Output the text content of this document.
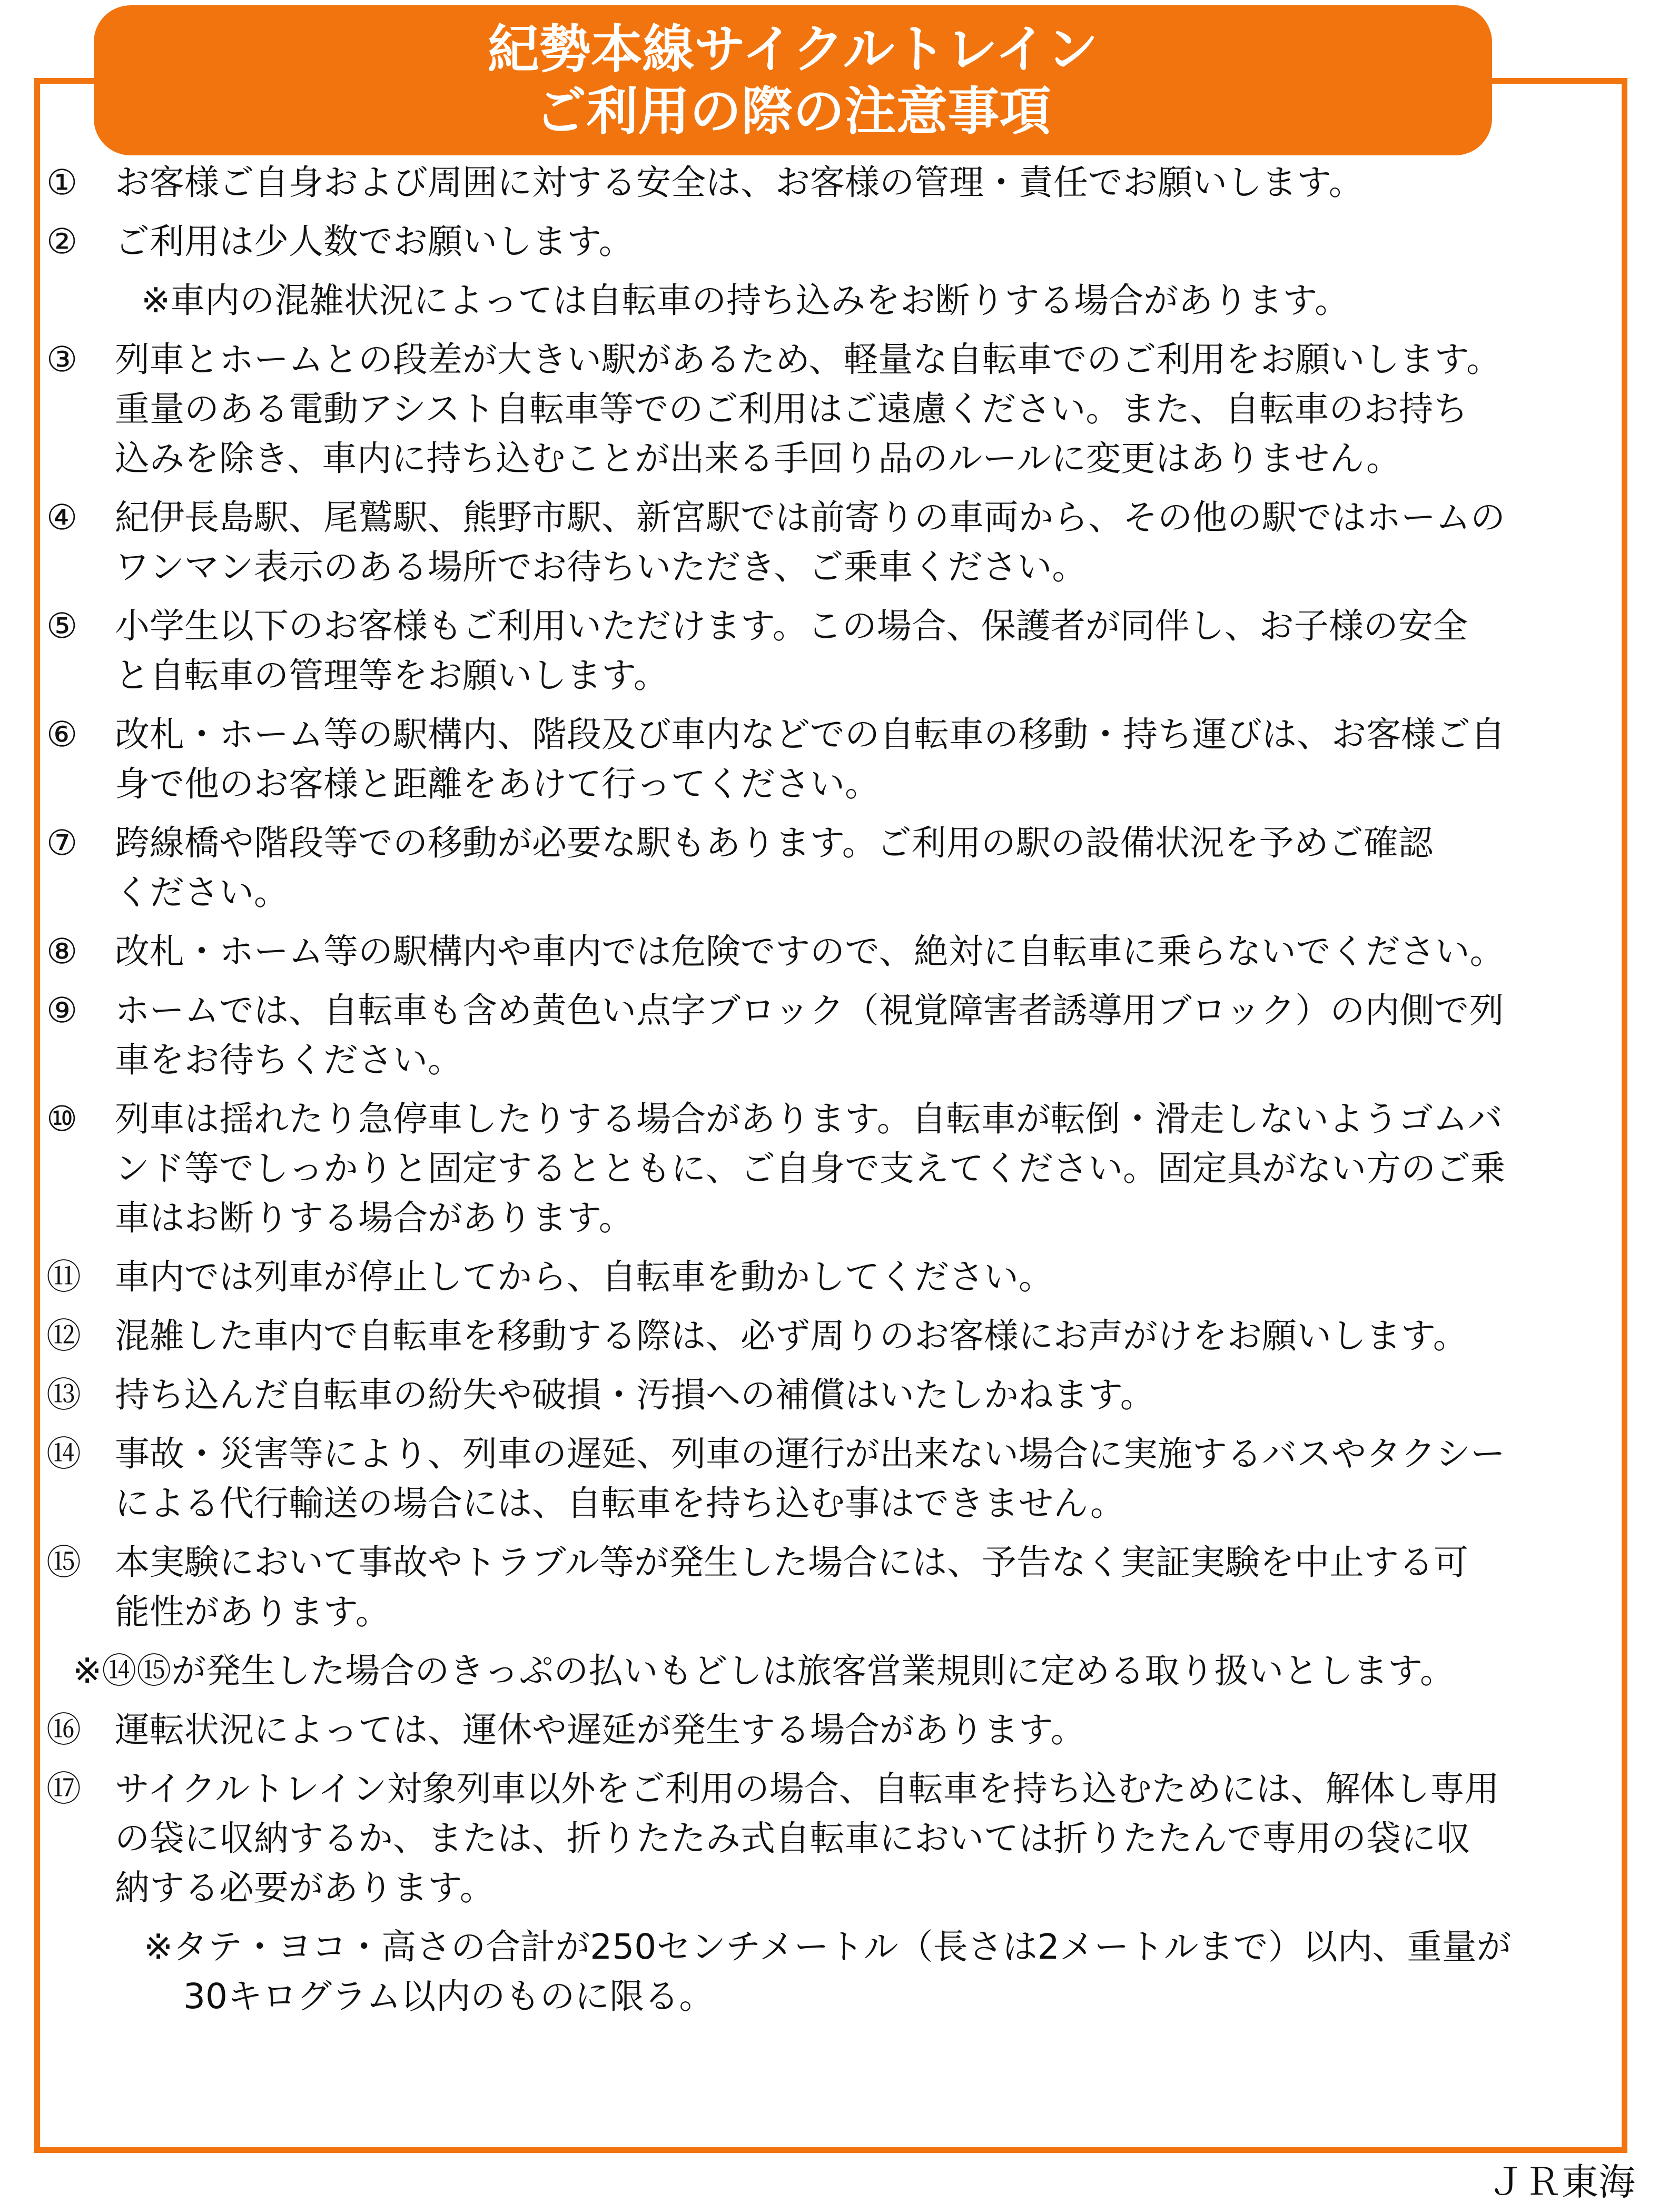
紀勢本線サイクルトレイン
ご利用の際の注意事項
①	お客様ご自身および周囲に対する安全は、お客様の管理・責任でお願いします。
②	ご利用は少人数でお願いします。
※車内の混雑状況によっては自転車の持ち込みをお断りする場合があります。
③	列車とホームとの段差が大きい駅があるため、軽量な自転車でのご利用をお願いします。
重量のある電動アシスト自転車等でのご利用はご遠慮ください。また、自転車のお持ち
込みを除き、車内に持ち込むことが出来る手回り品のルールに変更はありません。
④	紀伊長島駅、尾鷲駅、熊野市駅、新宮駅では前寄りの車両から、その他の駅ではホームの
ワンマン表示のある場所でお待ちいただき、ご乗車ください。
⑤	小学生以下のお客様もご利用いただけます。この場合、保護者が同伴し、お子様の安全
と自転車の管理等をお願いします。
⑥	改札・ホーム等の駅構内、階段及び車内などでの自転車の移動・持ち運びは、お客様ご自
身で他のお客様と距離をあけて行ってください。
⑦	跨線橋や階段等での移動が必要な駅もあります。ご利用の駅の設備状況を予めご確認
ください。
⑧	改札・ホーム等の駅構内や車内では危険ですので、絶対に自転車に乗らないでください。
⑨	ホームでは、自転車も含め黄色い点字ブロック（視覚障害者誘導用ブロック）の内側で列
車をお待ちください。
⑩	列車は揺れたり急停車したりする場合があります。自転車が転倒・滑走しないようゴムバ
ンド等でしっかりと固定するとともに、ご自身で支えてください。固定具がない方のご乗
車はお断りする場合があります。
⑪ 車内では列車が停止してから、自転車を動かしてください。
⑫ 混雑した車内で自転車を移動する際は、必ず周りのお客様にお声がけをお願いします。
⑬ 持ち込んだ自転車の紛失や破損・汚損への補償はいたしかねます。
⑭ 事故・災害等により、列車の遅延、列車の運行が出来ない場合に実施するバスやタクシー
による代行輸送の場合には、自転車を持ち込む事はできません。
⑮ 本実験において事故やトラブル等が発生した場合には、予告なく実証実験を中止する可
能性があります。
※⑭⑮が発生した場合のきっぷの払いもどしは旅客営業規則に定める取り扱いとします。
⑯ 運転状況によっては、運休や遅延が発生する場合があります。
⑰ サイクルトレイン対象列車以外をご利用の場合、自転車を持ち込むためには、解体し専用
の袋に収納するか、または、折りたたみ式自転車においては折りたたんで専用の袋に収
納する必要があります。
※タテ・ヨコ・高さの合計が250センチメートル（長さは2メートルまで）以内、重量が
30キログラム以内のものに限る。
ＪＲ東海
